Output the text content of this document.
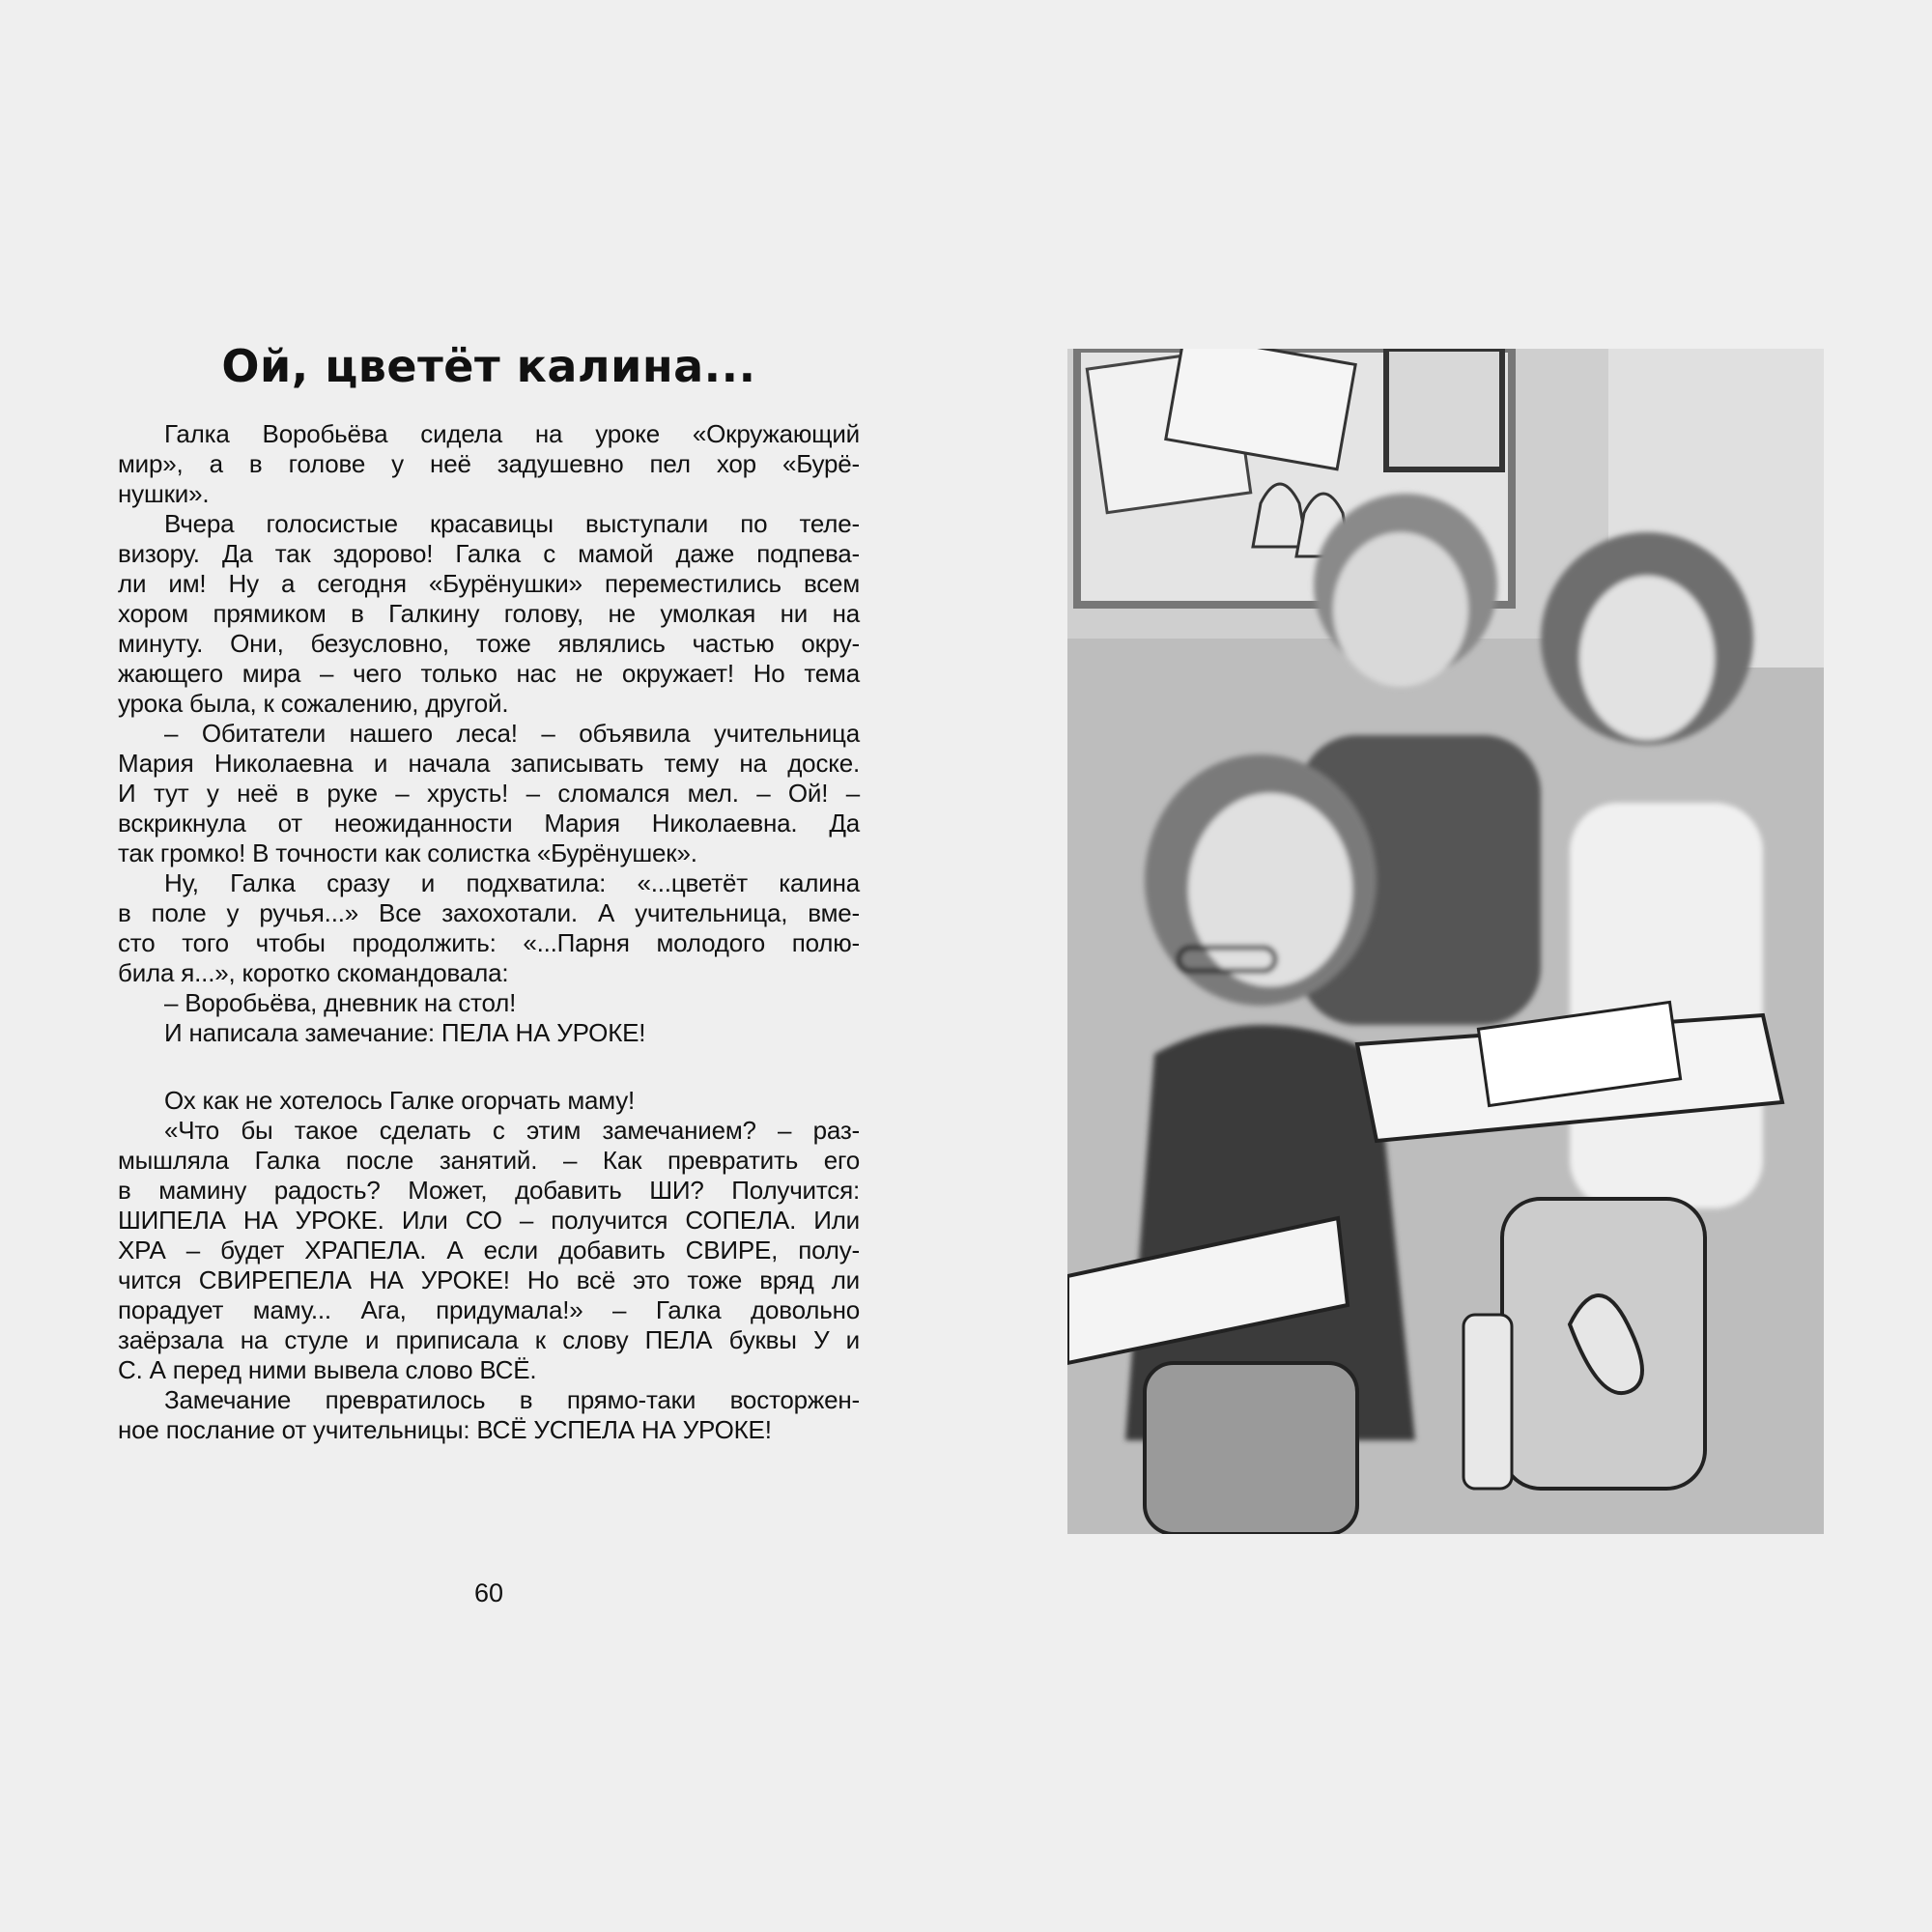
Ой, цветёт калина...
Галка Воробьёва сидела на уроке «Окружающий
мир», а в голове у неё задушевно пел хор «Бурё-
нушки».
Вчера голосистые красавицы выступали по теле-
визору. Да так здорово! Галка с мамой даже подпева-
ли им! Ну а сегодня «Бурёнушки» переместились всем
хором прямиком в Галкину голову, не умолкая ни на
минуту. Они, безусловно, тоже являлись частью окру-
жающего мира – чего только нас не окружает! Но тема
урока была, к сожалению, другой.
– Обитатели нашего леса! – объявила учительница
Мария Николаевна и начала записывать тему на доске.
И тут у неё в руке – хрусть! – сломался мел. – Ой! –
вскрикнула от неожиданности Мария Николаевна. Да
так громко! В точности как солистка «Бурёнушек».
Ну, Галка сразу и подхватила: «...цветёт калина
в поле у ручья...» Все захохотали. А учительница, вме-
сто того чтобы продолжить: «...Парня молодого полю-
била я...», коротко скомандовала:
– Воробьёва, дневник на стол!
И написала замечание: ПЕЛА НА УРОКЕ!
Ох как не хотелось Галке огорчать маму!
«Что бы такое сделать с этим замечанием? – раз-
мышляла Галка после занятий. – Как превратить его
в мамину радость? Может, добавить ШИ? Получится:
ШИПЕЛА НА УРОКЕ. Или СО – получится СОПЕЛА. Или
ХРА – будет ХРАПЕЛА. А если добавить СВИРЕ, полу-
чится СВИРЕПЕЛА НА УРОКЕ! Но всё это тоже вряд ли
порадует маму... Ага, придумала!» – Галка довольно
заёрзала на стуле и приписала к слову ПЕЛА буквы У и
С. А перед ними вывела слово ВСЁ.
Замечание превратилось в прямо-таки восторжен-
ное послание от учительницы: ВСЁ УСПЕЛА НА УРОКЕ!
60
